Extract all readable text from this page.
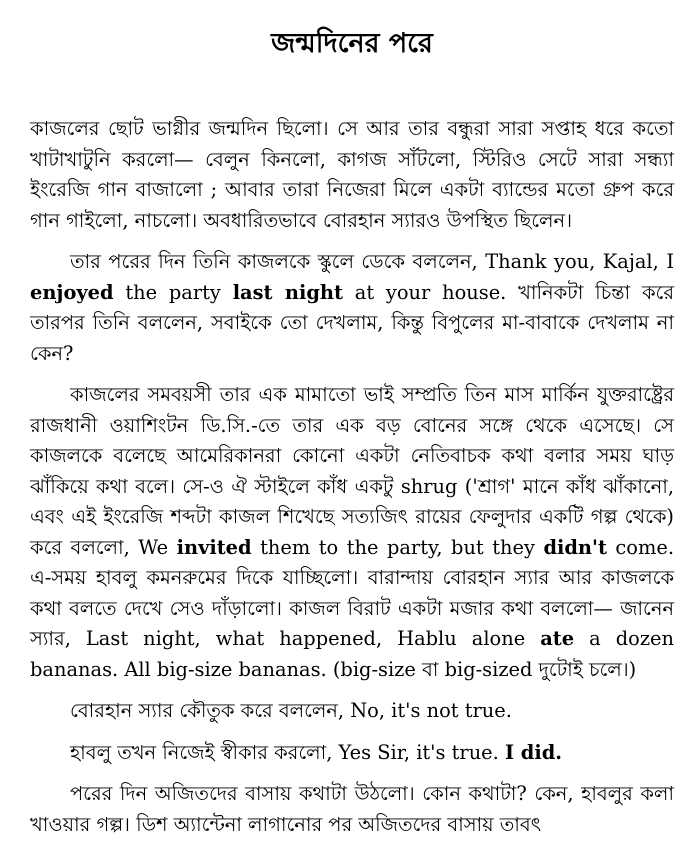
জন্মদিনের পরে

কাজলের ছোট ভাগ্নীর জন্মদিন ছিলো। সে আর তার বন্ধুরা সারা সপ্তাহ ধরে কতো খাটাখাটুনি করলো— বেলুন কিনলো, কাগজ সাঁটলো, স্টিরিও সেটে সারা সন্ধ্যা ইংরেজি গান বাজালো ; আবার তারা নিজেরা মিলে একটা ব্যান্ডের মতো গ্রুপ করে গান গাইলো, নাচলো। অবধারিতভাবে বোরহান স্যারও উপস্থিত ছিলেন।

তার পরের দিন তিনি কাজলকে স্কুলে ডেকে বললেন, Thank you, Kajal, I enjoyed the party last night at your house. খানিকটা চিন্তা করে তারপর তিনি বললেন, সবাইকে তো দেখলাম, কিন্তু বিপুলের মা-বাবাকে দেখলাম না কেন?

কাজলের সমবয়সী তার এক মামাতো ভাই সম্প্রতি তিন মাস মার্কিন যুক্তরাষ্ট্রের রাজধানী ওয়াশিংটন ডি.সি.-তে তার এক বড় বোনের সঙ্গে থেকে এসেছে। সে কাজলকে বলেছে আমেরিকানরা কোনো একটা নেতিবাচক কথা বলার সময় ঘাড় ঝাঁকিয়ে কথা বলে। সে-ও ঐ স্টাইলে কাঁধ একটু shrug ('শ্রাগ' মানে কাঁধ ঝাঁকানো, এবং এই ইংরেজি শব্দটা কাজল শিখেছে সত্যজিৎ রায়ের ফেলুদার একটি গল্প থেকে) করে বললো, We invited them to the party, but they didn't come. এ-সময় হাবলু কমনরুমের দিকে যাচ্ছিলো। বারান্দায় বোরহান স্যার আর কাজলকে কথা বলতে দেখে সেও দাঁড়ালো। কাজল বিরাট একটা মজার কথা বললো— জানেন স্যার, Last night, what happened, Hablu alone ate a dozen bananas. All big-size bananas. (big-size বা big-sized দুটোই চলে।)

বোরহান স্যার কৌতুক করে বললেন, No, it's not true.

হাবলু তখন নিজেই স্বীকার করলো, Yes Sir, it's true. I did.

পরের দিন অজিতদের বাসায় কথাটা উঠলো। কোন কথাটা? কেন, হাবলুর কলা খাওয়ার গল্প। ডিশ অ্যান্টেনা লাগানোর পর অজিতদের বাসায় তাবৎ
